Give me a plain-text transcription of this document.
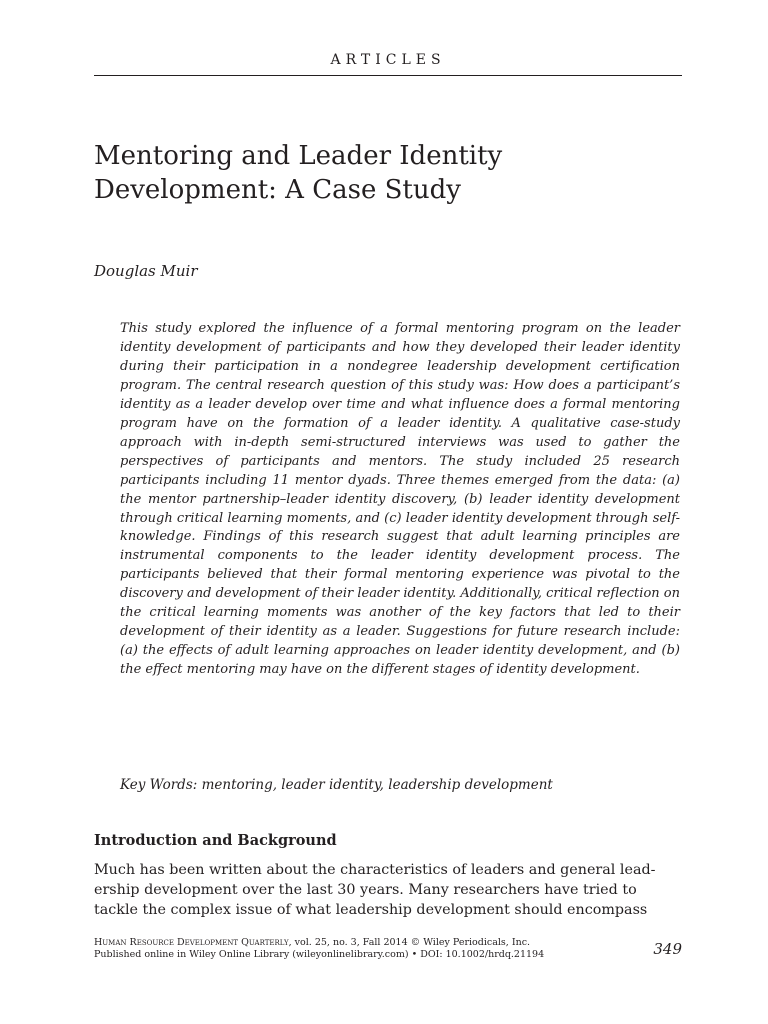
ARTICLES
Mentoring and Leader Identity
Development: A Case Study
Douglas Muir

This study explored the influence of a formal mentoring program on the leader identity development of participants and how they developed their leader identity during their participation in a nondegree leadership development certification program. The central research question of this study was: How does a participant’s identity as a leader develop over time and what influence does a formal mentoring program have on the formation of a leader identity. A qualitative case-study approach with in-depth semi-structured interviews was used to gather the perspectives of participants and mentors. The study included 25 research participants including 11 mentor dyads. Three themes emerged from the data: (a) the mentor partnership–leader identity discovery, (b) leader identity development through critical learning moments, and (c) leader identity development through self-knowledge. Findings of this research suggest that adult learning principles are instrumental components to the leader identity development process. The participants believed that their formal mentoring experience was pivotal to the discovery and development of their leader identity. Additionally, critical reflection on the critical learning moments was another of the key factors that led to their development of their identity as a leader. Suggestions for future research include: (a) the effects of adult learning approaches on leader identity development, and (b) the effect mentoring may have on the different stages of identity development.

Key Words: mentoring, leader identity, leadership development

Introduction and Background

Much has been written about the characteristics of leaders and general lead-
ership development over the last 30 years. Many researchers have tried to
tackle the complex issue of what leadership development should encompass

Human Resource Development Quarterly, vol. 25, no. 3, Fall 2014 © Wiley Periodicals, Inc.
Published online in Wiley Online Library (wileyonlinelibrary.com) • DOI: 10.1002/hrdq.21194	349
